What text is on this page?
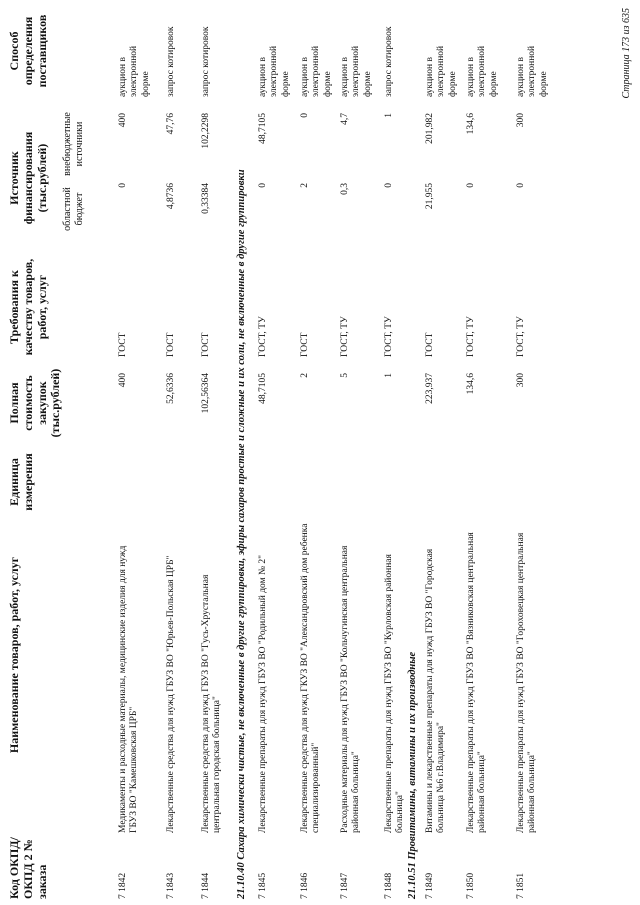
Код ОКПД/ ОКПД 2 № заказа
Наименование товаров, работ, услуг
Единица измерения
Полная стоимость закупок (тыс.рублей)
Требования к качеству товаров, работ, услуг
Источник финансирования (тыс.рублей) областной бюджет
внебюджетные источники
Способ определения поставщиков
21.10.40 Сахара химически чистые, не включенные в другие группировки, эфиры сахаров простые и сложные и их соли, не включенные в другие группировки	21.10.51 Провитамины, витамины и их производные
7 1842
Медикаменты и расходные материалы, медицинские изделия для нужд ГБУЗ ВО "Камешковская ЦРБ"
400
ГОСТ
0
400
аукцион в электронной форме
7 1843
Лекарственные средства для нужд ГБУЗ ВО "Юрьев-Польская ЦРБ"
52,6336
ГОСТ
4,8736
47,76
запрос котировок
7 1844
Лекарственные средства для нужд ГБУЗ ВО "Гусь-Хрустальная центральная городская больница"
102,56364
ГОСТ
0,33384
102,2298
запрос котировок
7 1845
Лекарственные препараты для нужд ГБУЗ ВО "Родильный дом № 2"
48,7105
ГОСТ, ТУ
0
48,7105
аукцион в электронной форме
7 1846
Лекарственные средства для нужд ГКУЗ ВО "Александровский дом ребенка специализированный"
2
ГОСТ
2
0
аукцион в электронной форме
7 1847
Расходные материалы для нужд ГБУЗ ВО "Кольчугинская центральная районная больница"
5
ГОСТ, ТУ
0,3
4,7
аукцион в электронной форме
7 1848
Лекарственные препараты для нужд ГБУЗ ВО "Курловская районная больница"
1
ГОСТ, ТУ
0
1
запрос котировок
7 1849
Витамины и лекарственные препараты для нужд ГБУЗ ВО "Городская больница №6 г.Владимира"
223,937
ГОСТ
21,955
201,982
аукцион в электронной форме
7 1850
Лекарственные препараты для нужд ГБУЗ ВО "Вязниковская центральная районная больница"
134,6
ГОСТ, ТУ
0
134,6
аукцион в электронной форме
7 1851
Лекарственные препараты для нужд ГБУЗ ВО "Гороховецкая центральная районная больница"
300
ГОСТ, ТУ
0
300
аукцион в электронной форме	Страница 173 из 635
